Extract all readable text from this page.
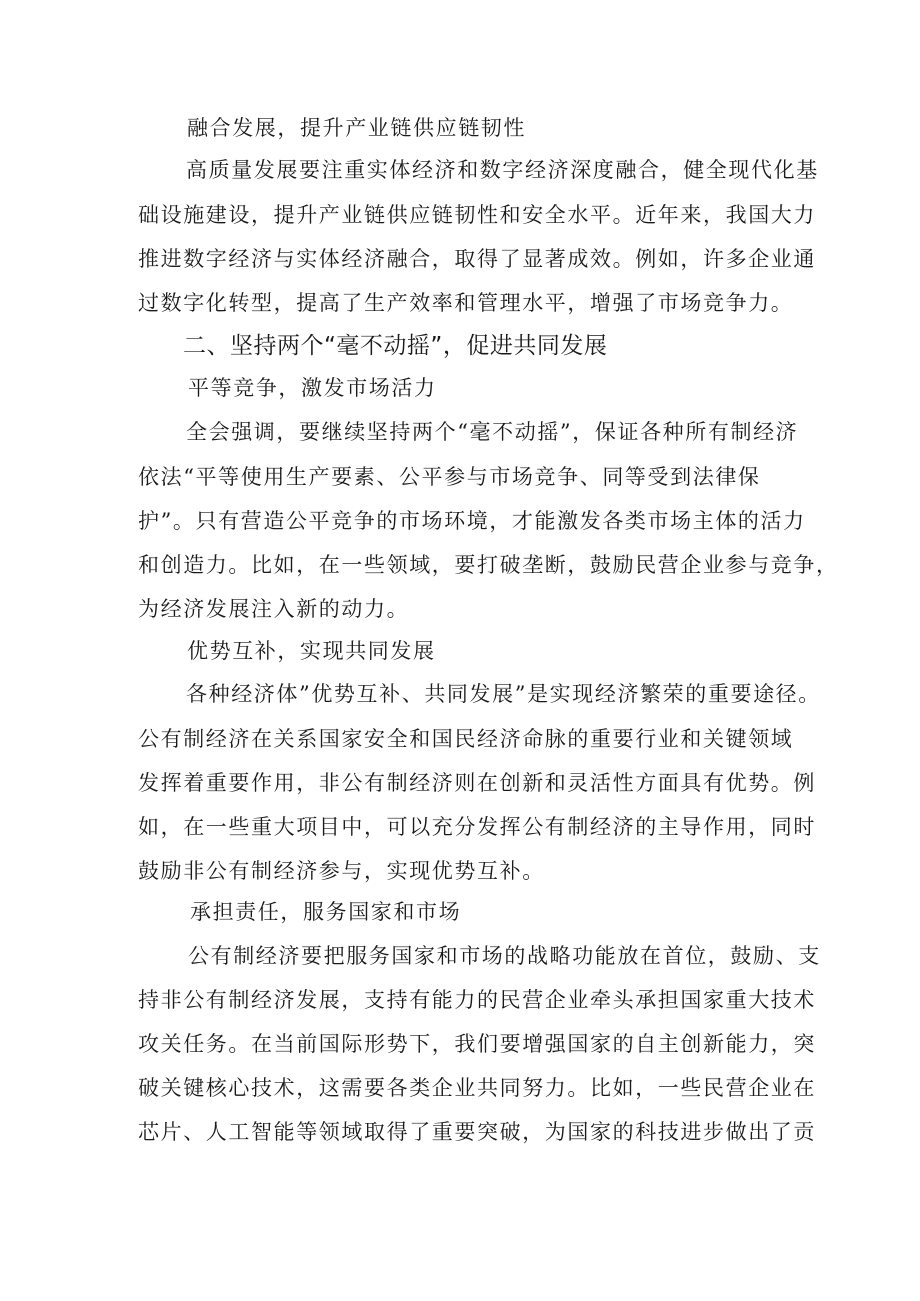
融合发展，提升产业链供应链韧性
高质量发展要注重实体经济和数字经济深度融合，健全现代化基
础设施建设，提升产业链供应链韧性和安全水平。近年来，我国大力
推进数字经济与实体经济融合，取得了显著成效。例如，许多企业通
过数字化转型，提高了生产效率和管理水平，增强了市场竞争力。
二、坚持两个“毫不动摇”，促进共同发展
平等竞争，激发市场活力
全会强调，要继续坚持两个“毫不动摇”，保证各种所有制经济
依法“平等使用生产要素、公平参与市场竞争、同等受到法律保
护”。只有营造公平竞争的市场环境，才能激发各类市场主体的活力
和创造力。比如，在一些领域，要打破垄断，鼓励民营企业参与竞争，
为经济发展注入新的动力。
优势互补，实现共同发展
各种经济体”优势互补、共同发展”是实现经济繁荣的重要途径。
公有制经济在关系国家安全和国民经济命脉的重要行业和关键领域
发挥着重要作用，非公有制经济则在创新和灵活性方面具有优势。例
如，在一些重大项目中，可以充分发挥公有制经济的主导作用，同时
鼓励非公有制经济参与，实现优势互补。
承担责任，服务国家和市场
公有制经济要把服务国家和市场的战略功能放在首位，鼓励、支
持非公有制经济发展，支持有能力的民营企业牵头承担国家重大技术
攻关任务。在当前国际形势下，我们要增强国家的自主创新能力，突
破关键核心技术，这需要各类企业共同努力。比如，一些民营企业在
芯片、人工智能等领域取得了重要突破，为国家的科技进步做出了贡
